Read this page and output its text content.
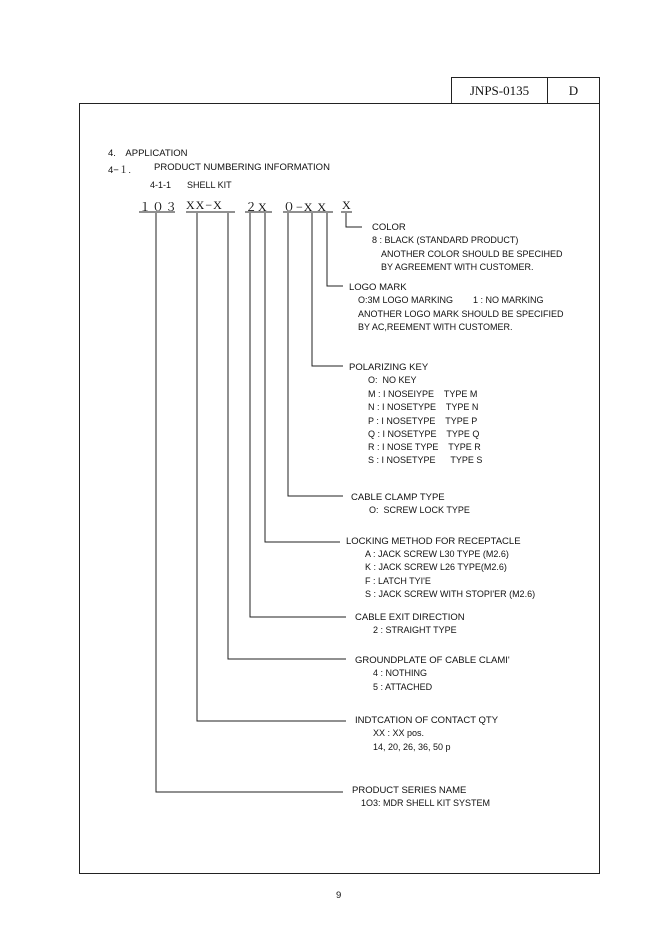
JNPS-0135	D
4.　APPLICATION
4−１. PRODUCT NUMBERING INFORMATION
4-1-1 SHELL KIT
１０３ XX−X ２X ０−X X X
COLOR
8 : BLACK (STANDARD PRODUCT)
ANOTHER COLOR SHOULD BE SPECIHED
BY AGREEMENT WITH CUSTOMER.
LOGO MARK
O:3M LOGO MARKING        1 : NO MARKING
ANOTHER LOGO MARK SHOULD BE SPECIFIED
BY AC,REEMENT WITH CUSTOMER.
POLARIZING KEY
O:  NO KEY
M : I NOSEIYPE    TYPE M
N : I NOSETYPE    TYPE N
P : I NOSETYPE    TYPE P
Q : I NOSETYPE    TYPE Q
R : I NOSE TYPE    TYPE R
S : I NOSETYPE      TYPE S
CABLE CLAMP TYPE
O:  SCREW LOCK TYPE
LOCKING METHOD FOR RECEPTACLE
A : JACK SCREW L30 TYPE (M2.6)
K : JACK SCREW L26 TYPE(M2.6)
F : LATCH TYI'E
S : JACK SCREW WITH STOPI'ER (M2.6)
CABLE EXIT DIRECTION
2 : STRAIGHT TYPE
GROUNDPLATE OF CABLE CLAMI'
4 : NOTHING
5 : ATTACHED
INDTCATION OF CONTACT QTY
XX : XX pos.
14, 20, 26, 36, 50 p
PRODUCT SERIES NAME
1O3: MDR SHELL KIT SYSTEM
9
